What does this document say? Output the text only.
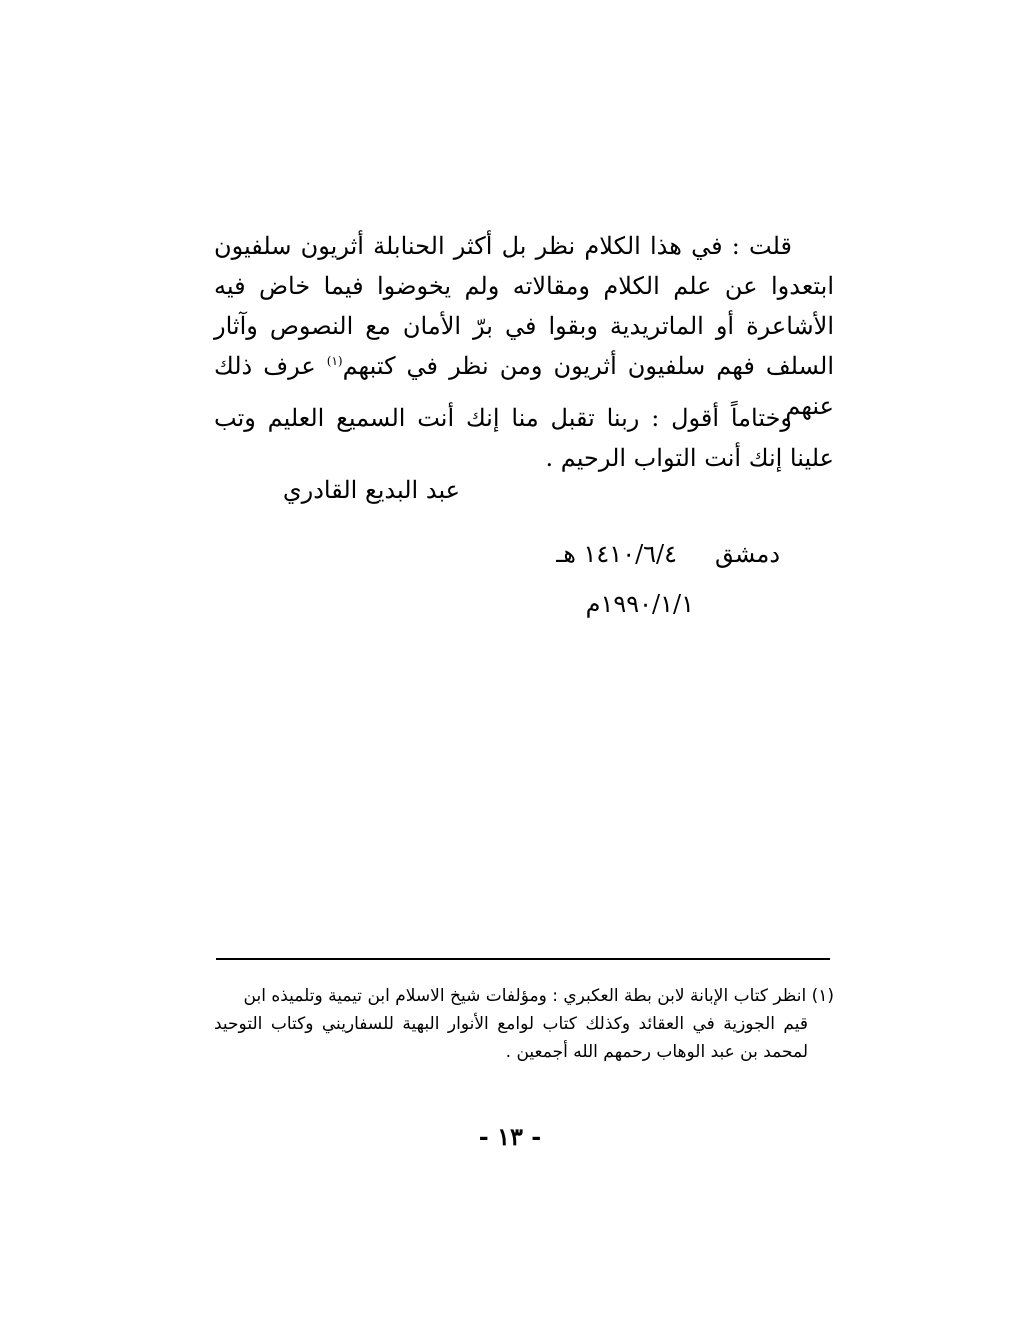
قلت : في هذا الكلام نظر بل أكثر الحنابلة أثريون سلفيون ابتعدوا عن علم الكلام ومقالاته ولم يخوضوا فيما خاض فيه الأشاعرة أو الماتريدية وبقوا في برّ الأمان مع النصوص وآثار السلف فهم سلفيون أثريون ومن نظر في كتبهم$^{(١)}$ عرف ذلك عنهم

وختاماً أقول : ربنا تقبل منا إنك أنت السميع العليم وتب علينا إنك أنت التواب الرحيم .

عبد البديع القادري
دمشق١٤١٠/٦/٤ هـ
١٩٩٠/١/١م

(١) انظر كتاب الإبانة لابن بطة العكبري : ومؤلفات شيخ الاسلام ابن تيمية وتلميذه ابن

قيم الجوزية في العقائد وكذلك كتاب لوامع الأنوار البهية للسفاريني وكتاب التوحيد لمحمد بن عبد الوهاب رحمهم الله أجمعين .

- ١٣ -
